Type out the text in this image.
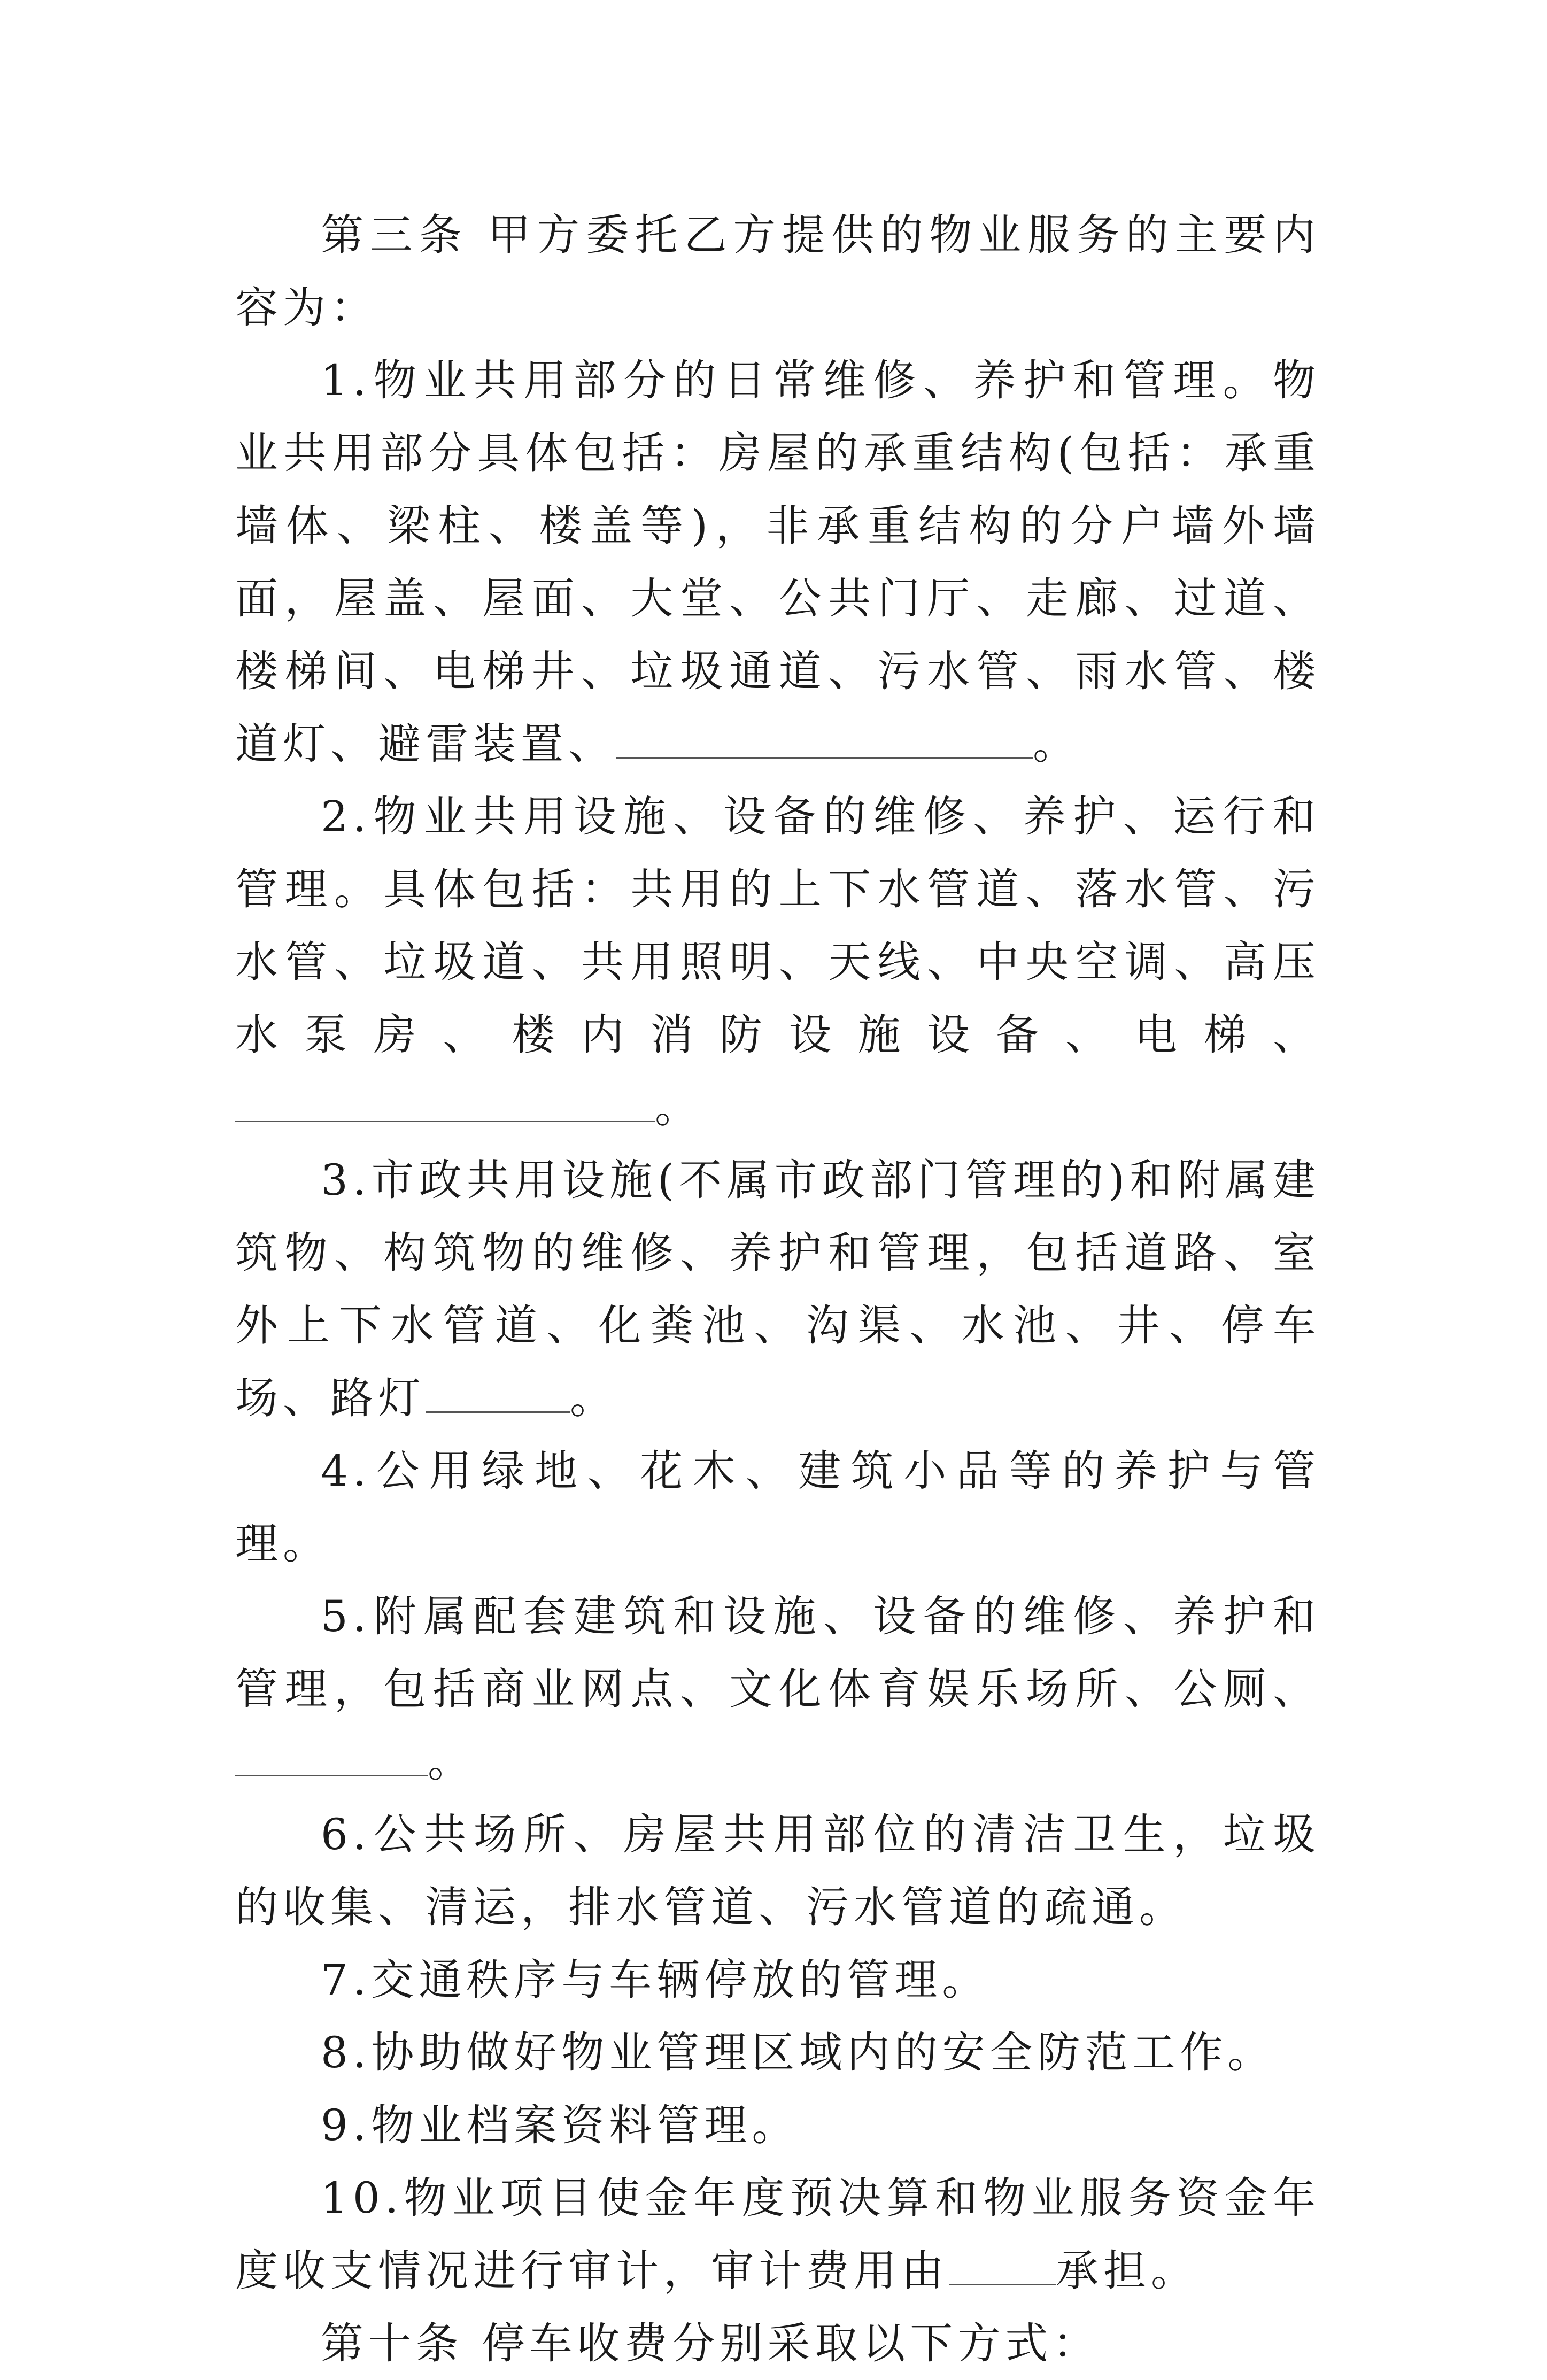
第三条 甲方委托乙方提供的物业服务的主要内容为：

1.物业共用部分的日常维修、养护和管理。物业共用部分具体包括：房屋的承重结构(包括：承重墙体、梁柱、楼盖等)，非承重结构的分户墙外墙面，屋盖、屋面、大堂、公共门厅、走廊、过道、楼梯间、电梯井、垃圾通道、污水管、雨水管、楼道灯、避雷装置、	。

2.物业共用设施、设备的维修、养护、运行和管理。具体包括：共用的上下水管道、落水管、污水管、垃圾道、共用照明、天线、中央空调、高压水泵房、楼内消防设施设备、电梯、。

3.市政共用设施(不属市政部门管理的)和附属建筑物、构筑物的维修、养护和管理，包括道路、室外上下水管道、化粪池、沟渠、水池、井、停车场、路灯	。

4.公用绿地、花木、建筑小品等的养护与管理。

5.附属配套建筑和设施、设备的维修、养护和管理，包括商业网点、文化体育娱乐场所、公厕、。

6.公共场所、房屋共用部位的清洁卫生，垃圾的收集、清运，排水管道、污水管道的疏通。

7.交通秩序与车辆停放的管理。

8.协助做好物业管理区域内的安全防范工作。

9.物业档案资料管理。

10.物业项目使金年度预决算和物业服务资金年度收支情况进行审计，审计费用由	承担。

第十条 停车收费分别采取以下方式：
